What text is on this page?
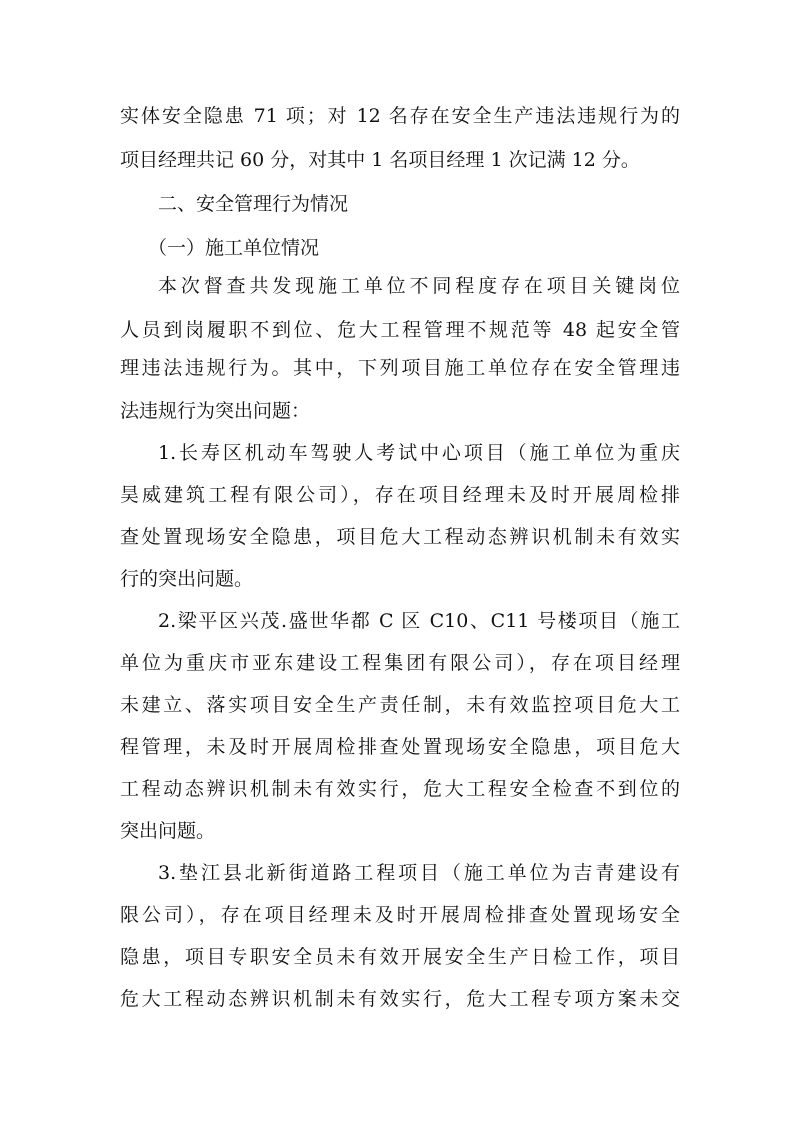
实体安全隐患 71 项；对 12 名存在安全生产违法违规行为的
项目经理共记 60 分，对其中 1 名项目经理 1 次记满 12 分。
二、安全管理行为情况
（一）施工单位情况
本次督查共发现施工单位不同程度存在项目关键岗位
人员到岗履职不到位、危大工程管理不规范等 48 起安全管
理违法违规行为。其中，下列项目施工单位存在安全管理违
法违规行为突出问题：
1.长寿区机动车驾驶人考试中心项目（施工单位为重庆
昊威建筑工程有限公司），存在项目经理未及时开展周检排
查处置现场安全隐患，项目危大工程动态辨识机制未有效实
行的突出问题。
2.梁平区兴茂.盛世华都 C 区 C10、C11 号楼项目（施工
单位为重庆市亚东建设工程集团有限公司），存在项目经理
未建立、落实项目安全生产责任制，未有效监控项目危大工
程管理，未及时开展周检排查处置现场安全隐患，项目危大
工程动态辨识机制未有效实行，危大工程安全检查不到位的
突出问题。
3.垫江县北新街道路工程项目（施工单位为吉青建设有
限公司），存在项目经理未及时开展周检排查处置现场安全
隐患，项目专职安全员未有效开展安全生产日检工作，项目
危大工程动态辨识机制未有效实行，危大工程专项方案未交
